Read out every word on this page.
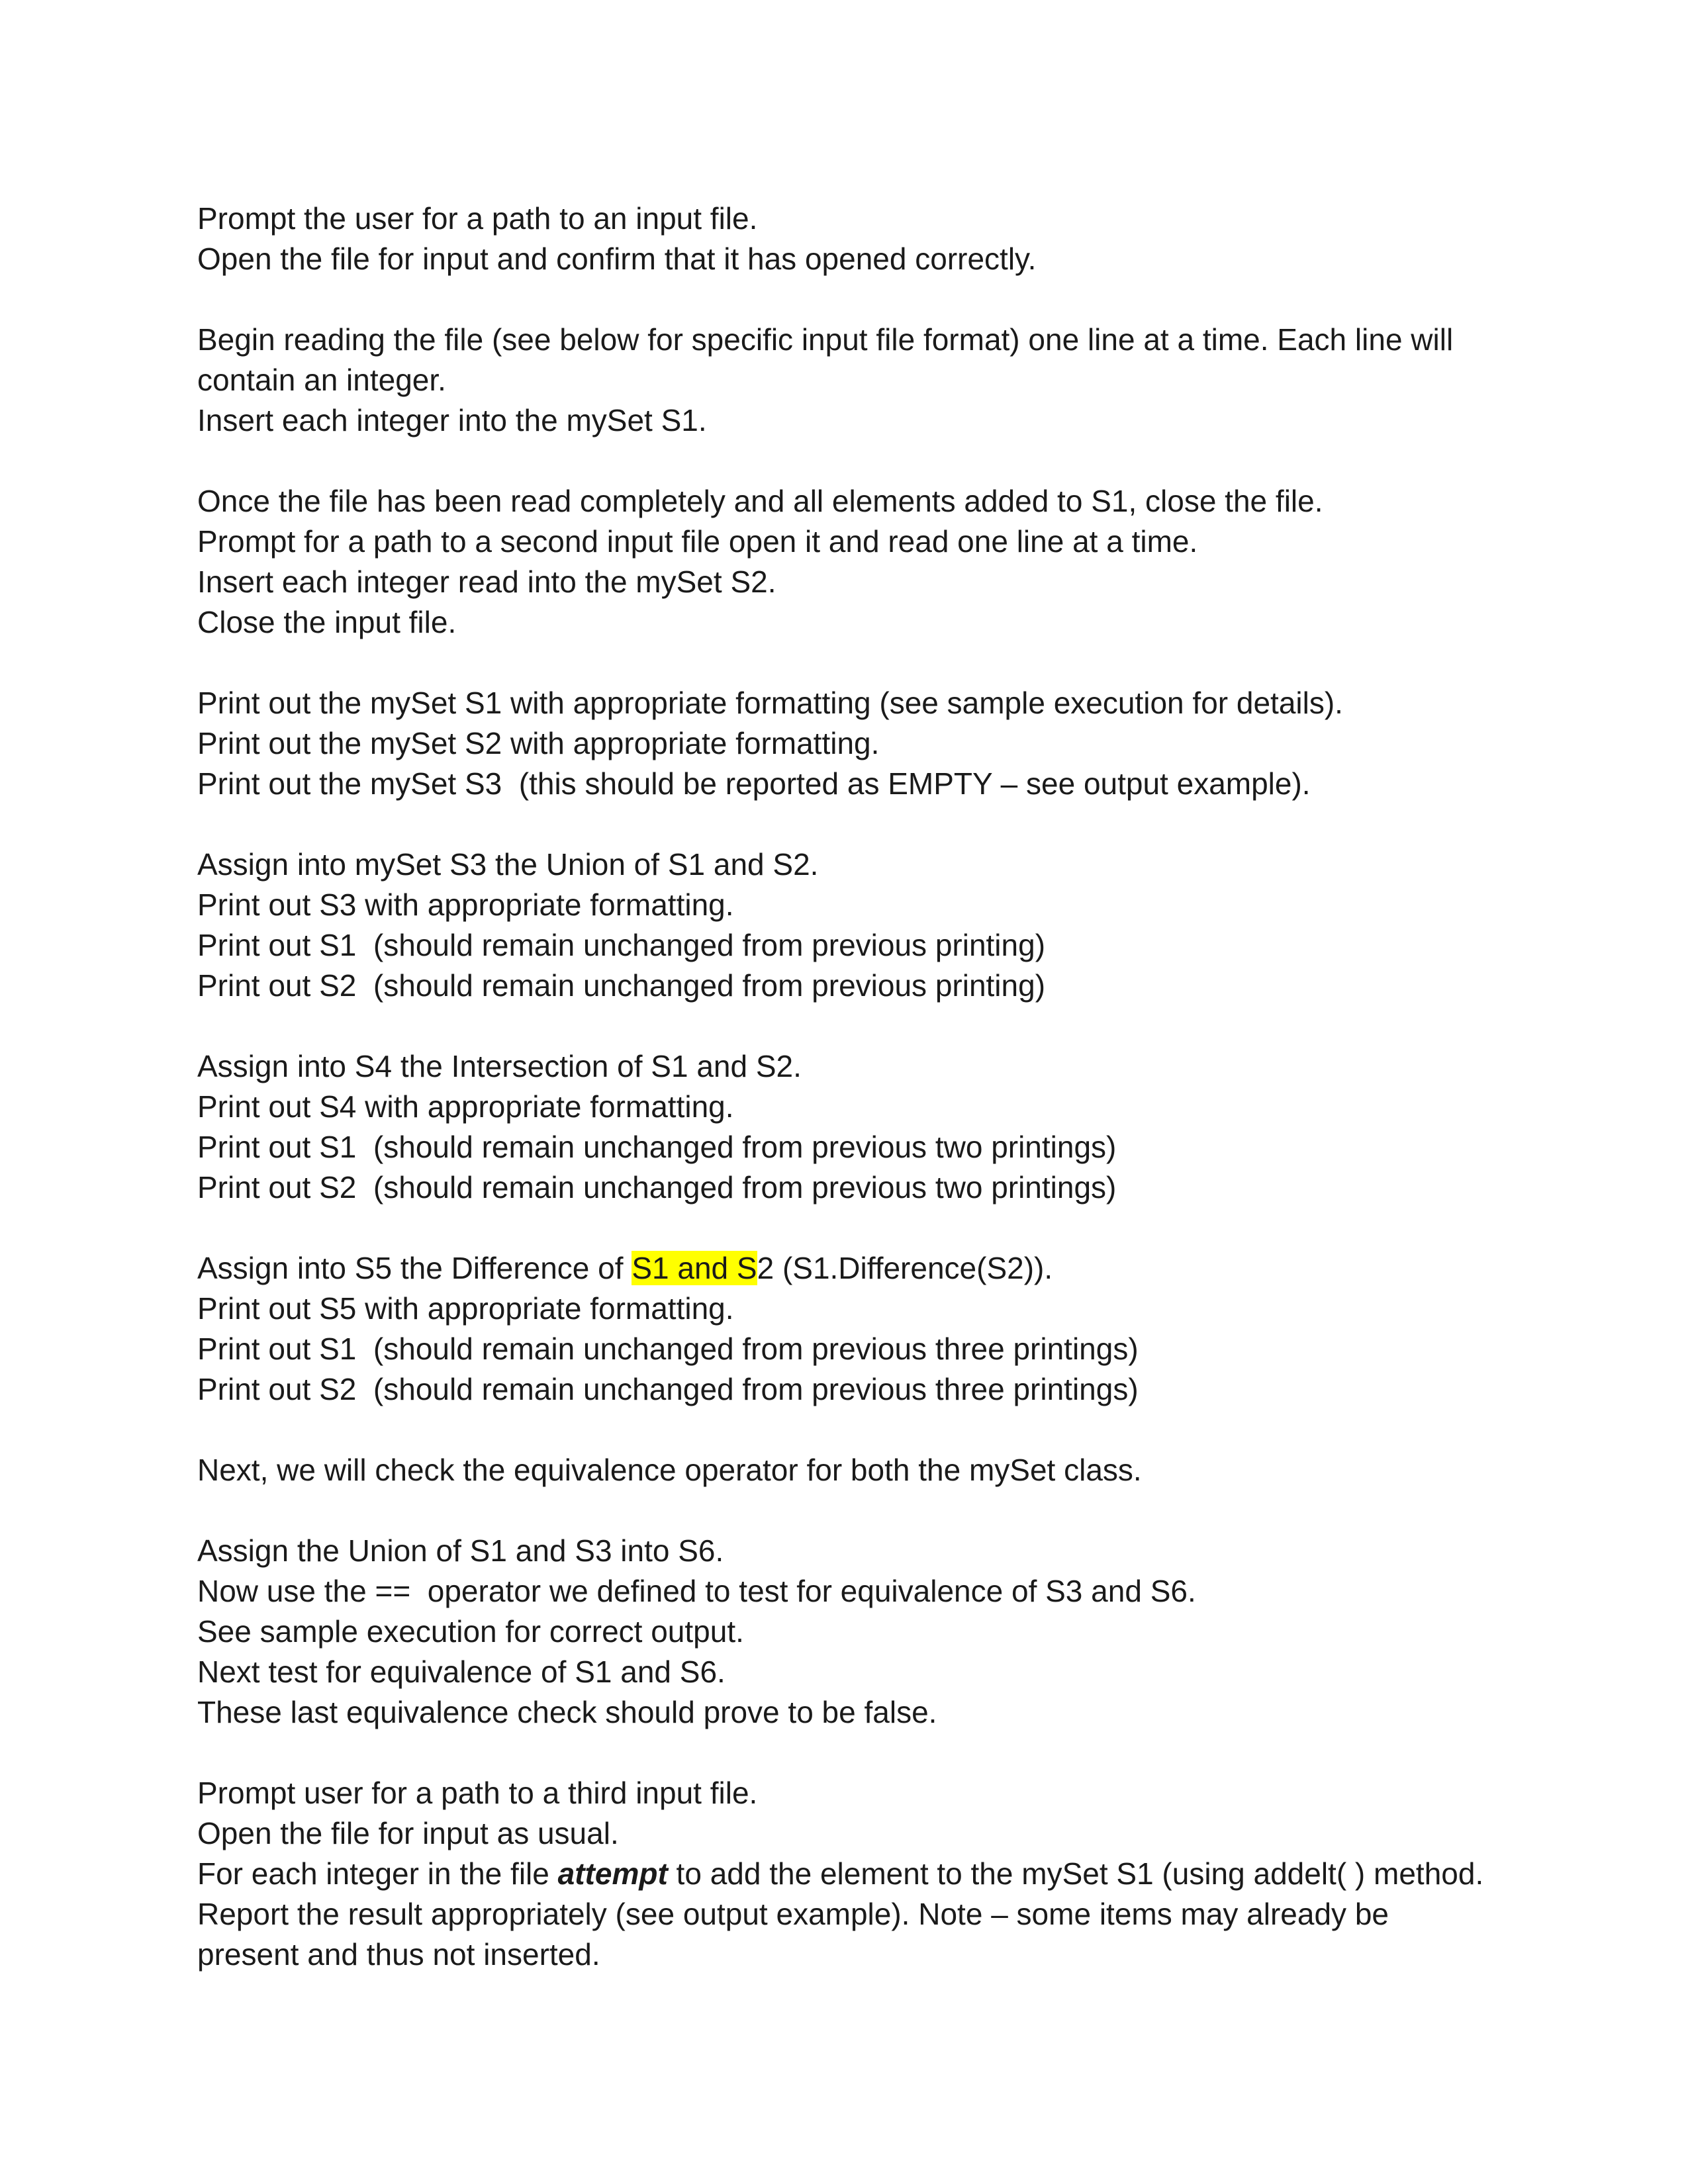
Prompt the user for a path to an input file.
Open the file for input and confirm that it has opened correctly.
Begin reading the file (see below for specific input file format) one line at a time. Each line will
contain an integer.
Insert each integer into the mySet S1.
Once the file has been read completely and all elements added to S1, close the file.
Prompt for a path to a second input file open it and read one line at a time.
Insert each integer read into the mySet S2.
Close the input file.
Print out the mySet S1 with appropriate formatting (see sample execution for details).
Print out the mySet S2 with appropriate formatting.
Print out the mySet S3  (this should be reported as EMPTY – see output example).
Assign into mySet S3 the Union of S1 and S2.
Print out S3 with appropriate formatting.
Print out S1  (should remain unchanged from previous printing)
Print out S2  (should remain unchanged from previous printing)
Assign into S4 the Intersection of S1 and S2.
Print out S4 with appropriate formatting.
Print out S1  (should remain unchanged from previous two printings)
Print out S2  (should remain unchanged from previous two printings)
Assign into S5 the Difference of S1 and S2 (S1.Difference(S2)).
Print out S5 with appropriate formatting.
Print out S1  (should remain unchanged from previous three printings)
Print out S2  (should remain unchanged from previous three printings)
Next, we will check the equivalence operator for both the mySet class.
Assign the Union of S1 and S3 into S6.
Now use the ==  operator we defined to test for equivalence of S3 and S6.
See sample execution for correct output.
Next test for equivalence of S1 and S6.
These last equivalence check should prove to be false.
Prompt user for a path to a third input file.
Open the file for input as usual.
For each integer in the file attempt to add the element to the mySet S1 (using addelt( ) method.
Report the result appropriately (see output example). Note – some items may already be
present and thus not inserted.
